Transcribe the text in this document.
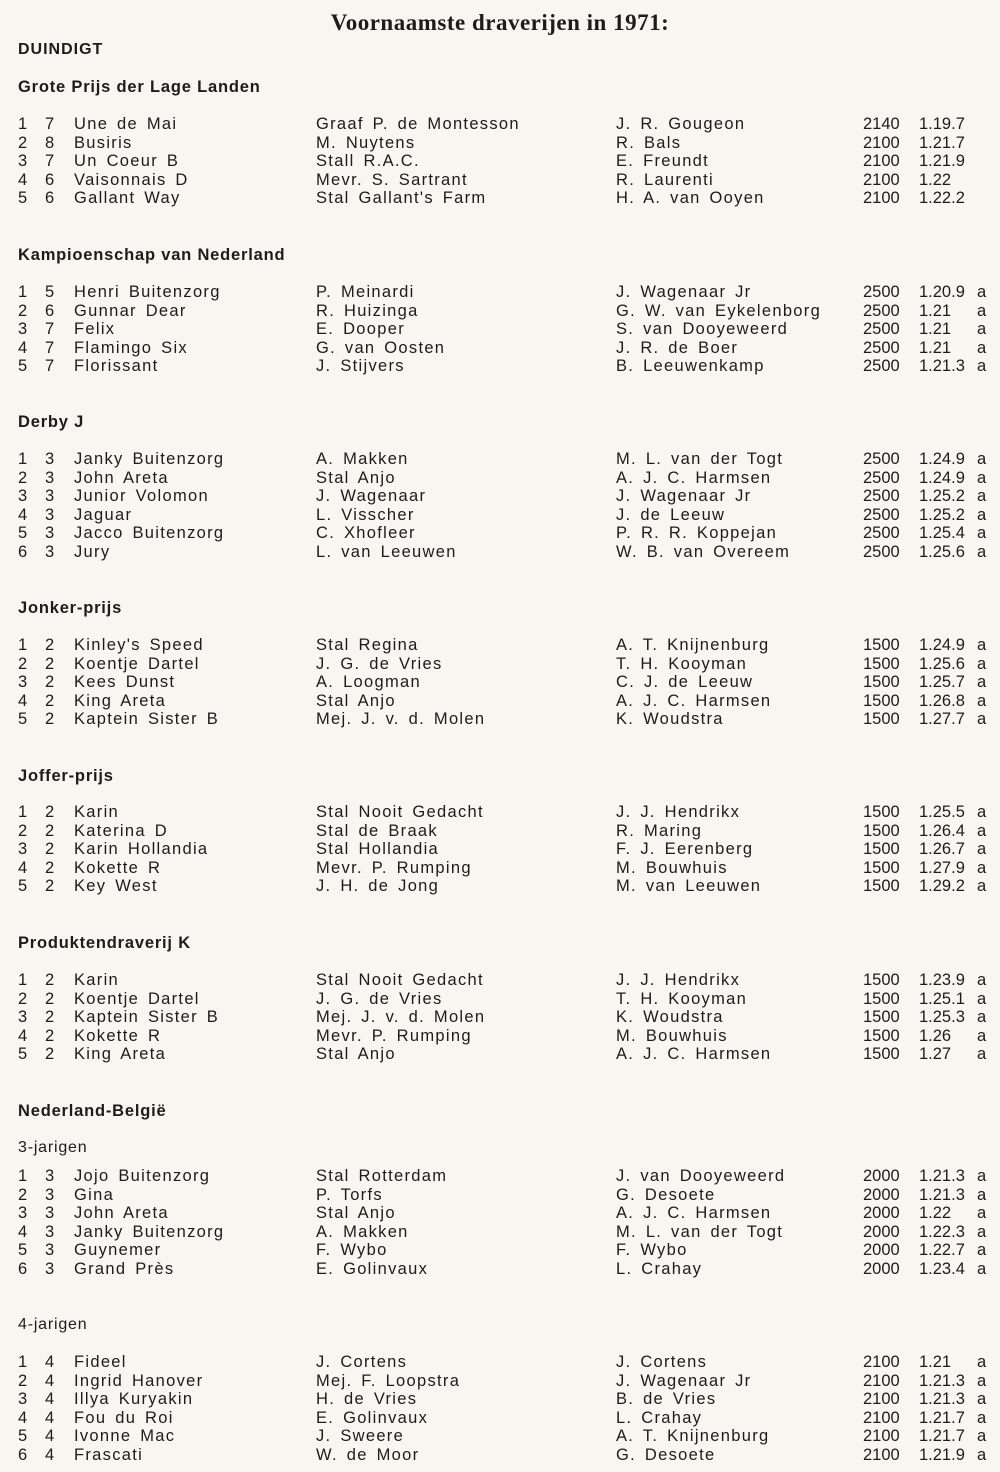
Voornaamste draverijen in 1971:
DUINDIGT
Grote Prijs der Lage Landen
1 7 Une de Mai	Graaf P. de Montesson	J. R. Gougeon	2140 1.19.7
2 8 Busiris	M. Nuytens	R. Bals	2100 1.21.7
3 7 Un Coeur B	Stall R.A.C.	E. Freundt	2100 1.21.9
4 6 Vaisonnais D	Mevr. S. Sartrant	R. Laurenti	2100 1.22
5 6 Gallant Way	Stal Gallant's Farm	H. A. van Ooyen	2100 1.22.2
Kampioenschap van Nederland
1 5 Henri Buitenzorg	P. Meinardi	J. Wagenaar Jr	2500 1.20.9 a
2 6 Gunnar Dear	R. Huizinga	G. W. van Eykelenborg	2500 1.21 a
3 7 Felix	E. Dooper	S. van Dooyeweerd	2500 1.21 a
4 7 Flamingo Six	G. van Oosten	J. R. de Boer	2500 1.21 a
5 7 Florissant	J. Stijvers	B. Leeuwenkamp	2500 1.21.3 a
Derby J
1 3 Janky Buitenzorg	A. Makken	M. L. van der Togt	2500 1.24.9 a
2 3 John Areta	Stal Anjo	A. J. C. Harmsen	2500 1.24.9 a
3 3 Junior Volomon	J. Wagenaar	J. Wagenaar Jr	2500 1.25.2 a
4 3 Jaguar	L. Visscher	J. de Leeuw	2500 1.25.2 a
5 3 Jacco Buitenzorg	C. Xhofleer	P. R. R. Koppejan	2500 1.25.4 a
6 3 Jury	L. van Leeuwen	W. B. van Overeem	2500 1.25.6 a
Jonker-prijs
1 2 Kinley's Speed	Stal Regina	A. T. Knijnenburg	1500 1.24.9 a
2 2 Koentje Dartel	J. G. de Vries	T. H. Kooyman	1500 1.25.6 a
3 2 Kees Dunst	A. Loogman	C. J. de Leeuw	1500 1.25.7 a
4 2 King Areta	Stal Anjo	A. J. C. Harmsen	1500 1.26.8 a
5 2 Kaptein Sister B	Mej. J. v. d. Molen	K. Woudstra	1500 1.27.7 a
Joffer-prijs
1 2 Karin	Stal Nooit Gedacht	J. J. Hendrikx	1500 1.25.5 a
2 2 Katerina D	Stal de Braak	R. Maring	1500 1.26.4 a
3 2 Karin Hollandia	Stal Hollandia	F. J. Eerenberg	1500 1.26.7 a
4 2 Kokette R	Mevr. P. Rumping	M. Bouwhuis	1500 1.27.9 a
5 2 Key West	J. H. de Jong	M. van Leeuwen	1500 1.29.2 a
Produktendraverij K
1 2 Karin	Stal Nooit Gedacht	J. J. Hendrikx	1500 1.23.9 a
2 2 Koentje Dartel	J. G. de Vries	T. H. Kooyman	1500 1.25.1 a
3 2 Kaptein Sister B	Mej. J. v. d. Molen	K. Woudstra	1500 1.25.3 a
4 2 Kokette R	Mevr. P. Rumping	M. Bouwhuis	1500 1.26 a
5 2 King Areta	Stal Anjo	A. J. C. Harmsen	1500 1.27 a
Nederland-België
3-jarigen
1 3 Jojo Buitenzorg	Stal Rotterdam	J. van Dooyeweerd	2000 1.21.3 a
2 3 Gina	P. Torfs	G. Desoete	2000 1.21.3 a
3 3 John Areta	Stal Anjo	A. J. C. Harmsen	2000 1.22 a
4 3 Janky Buitenzorg	A. Makken	M. L. van der Togt	2000 1.22.3 a
5 3 Guynemer	F. Wybo	F. Wybo	2000 1.22.7 a
6 3 Grand Près	E. Golinvaux	L. Crahay	2000 1.23.4 a
4-jarigen
1 4 Fideel	J. Cortens	J. Cortens	2100 1.21 a
2 4 Ingrid Hanover	Mej. F. Loopstra	J. Wagenaar Jr	2100 1.21.3 a
3 4 Illya Kuryakin	H. de Vries	B. de Vries	2100 1.21.3 a
4 4 Fou du Roi	E. Golinvaux	L. Crahay	2100 1.21.7 a
5 4 Ivonne Mac	J. Sweere	A. T. Knijnenburg	2100 1.21.7 a
6 4 Frascati	W. de Moor	G. Desoete	2100 1.21.9 a
